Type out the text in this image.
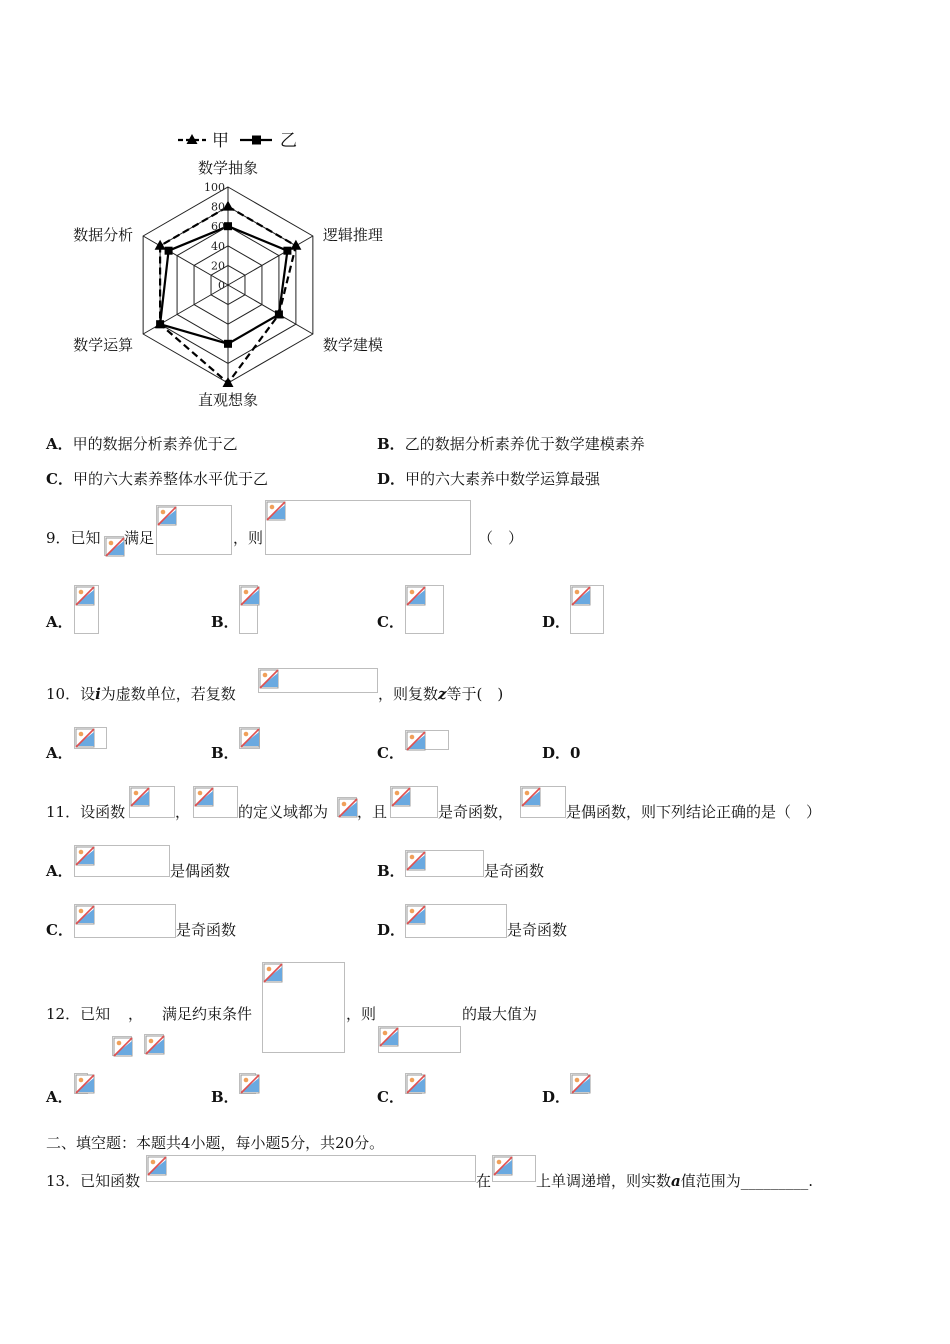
甲	乙
100
80
60
40
20
0
数学抽象
逻辑推理
数学建模
直观想象
数学运算
数据分析
A．甲的数据分析素养优于乙	B．乙的数据分析素养优于数学建模素养
C．甲的六大素养整体水平优于乙	D．甲的六大素养中数学运算最强
9．已知 满足	，则	（　）
A．	B．	C．	D．
10．设i为虚数单位，若复数	，则复数z等于(　)
A．	B．	C．	D．0
11．设函数	，	的定义域都为 ，且	是奇函数，	是偶函数，则下列结论正确的是（　）
A．	是偶函数	B．	是奇函数
C．	是奇函数	D．	是奇函数
12．已知 ， 满足约束条件	，则	的最大值为
A．	B．	C．	D．
二、填空题：本题共4小题，每小题5分，共20分。
13．已知函数	在	上单调递增，则实数a值范围为_________.
